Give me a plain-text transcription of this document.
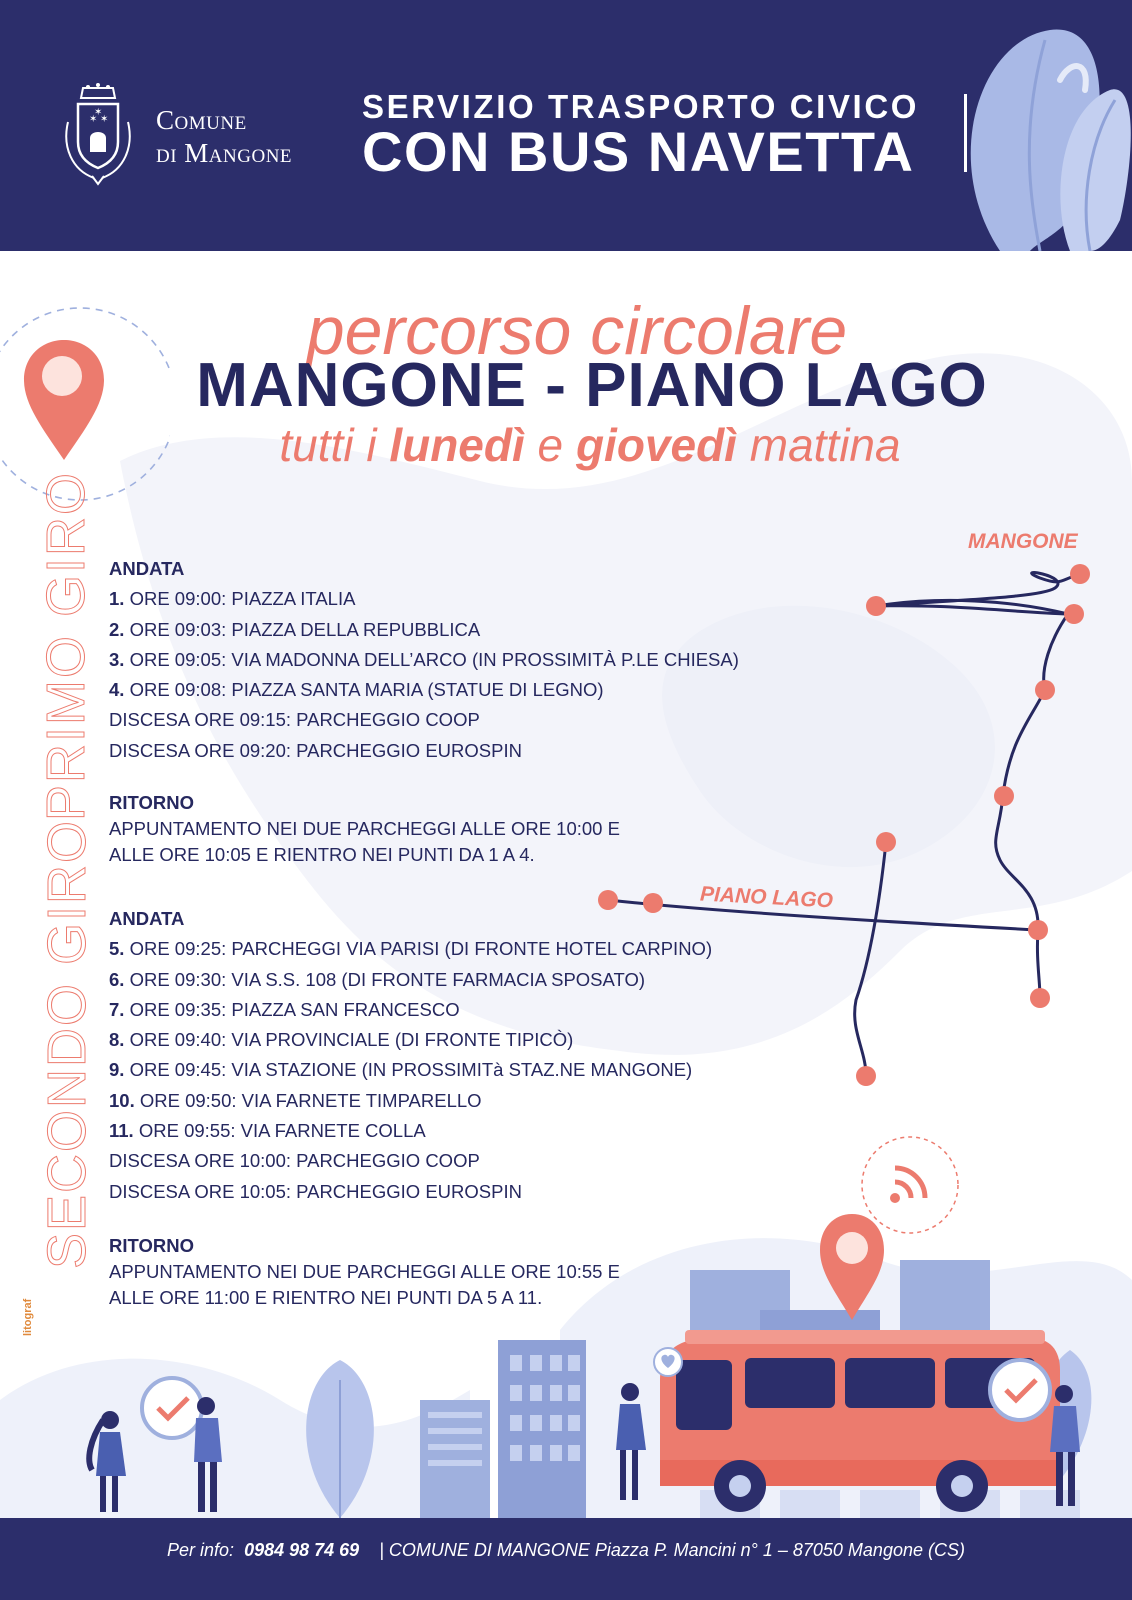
✶ ✶
✶ Comune
di Mangone
SERVIZIO TRASPORTO CIVICO
CON BUS NAVETTA
percorso circolare
MANGONE - PIANO LAGO
tutti i lunedì e giovedì mattina
PRIMO GIRO
SECONDO GIRO
ANDATA
1. ORE 09:00: PIAZZA ITALIA
2. ORE 09:03: PIAZZA DELLA REPUBBLICA
3. ORE 09:05: VIA MADONNA DELL’ARCO (IN PROSSIMITÀ P.LE CHIESA)
4. ORE 09:08: PIAZZA SANTA MARIA (STATUE DI LEGNO)
DISCESA ORE 09:15: PARCHEGGIO COOP
DISCESA ORE 09:20: PARCHEGGIO EUROSPIN
RITORNO
APPUNTAMENTO NEI DUE PARCHEGGI ALLE ORE 10:00 E
ALLE ORE 10:05 E RIENTRO NEI PUNTI DA 1 A 4.
ANDATA
5. ORE 09:25: PARCHEGGI VIA PARISI (DI FRONTE HOTEL CARPINO)
6. ORE 09:30: VIA S.S. 108 (DI FRONTE FARMACIA SPOSATO)
7. ORE 09:35: PIAZZA SAN FRANCESCO
8. ORE 09:40: VIA PROVINCIALE (DI FRONTE TIPICÒ)
9. ORE 09:45: VIA STAZIONE (IN PROSSIMITà STAZ.NE MANGONE)
10. ORE 09:50: VIA FARNETE TIMPARELLO
11. ORE 09:55: VIA FARNETE COLLA
DISCESA ORE 10:00: PARCHEGGIO COOP
DISCESA ORE 10:05: PARCHEGGIO EUROSPIN
RITORNO
APPUNTAMENTO NEI DUE PARCHEGGI ALLE ORE 10:55 E
ALLE ORE 11:00 E RIENTRO NEI PUNTI DA 5 A 11.
MANGONE
PIANO LAGO
litograf
Per info: 0984 98 74 69 | COMUNE DI MANGONE Piazza P. Mancini n° 1 – 87050 Mangone (CS)
